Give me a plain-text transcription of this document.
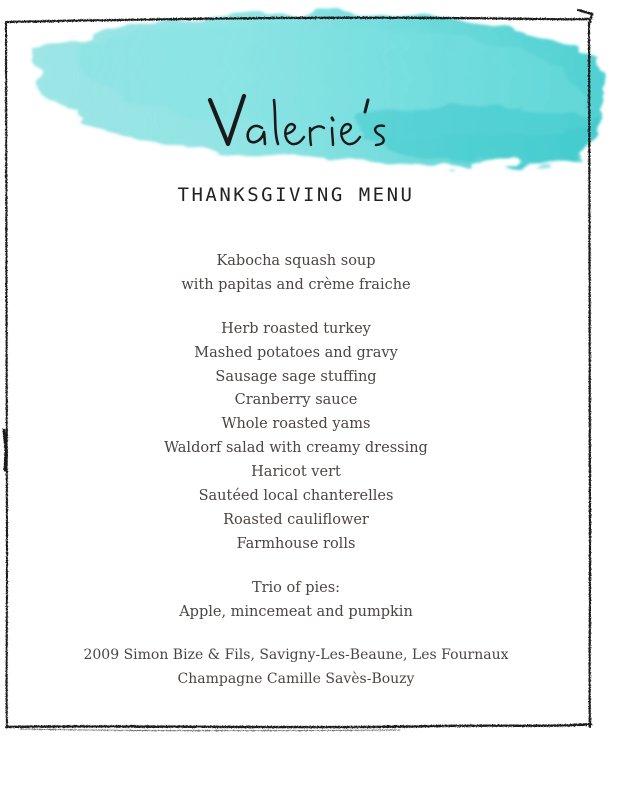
THANKSGIVING MENU
Kabocha squash soup
with papitas and crème fraiche
Herb roasted turkey
Mashed potatoes and gravy
Sausage sage stuffing
Cranberry sauce
Whole roasted yams
Waldorf salad with creamy dressing
Haricot vert
Sautéed local chanterelles
Roasted cauliflower
Farmhouse rolls
Trio of pies:
Apple, mincemeat and pumpkin
2009 Simon Bize & Fils, Savigny-Les-Beaune, Les Fournaux
Champagne Camille Savès-Bouzy
